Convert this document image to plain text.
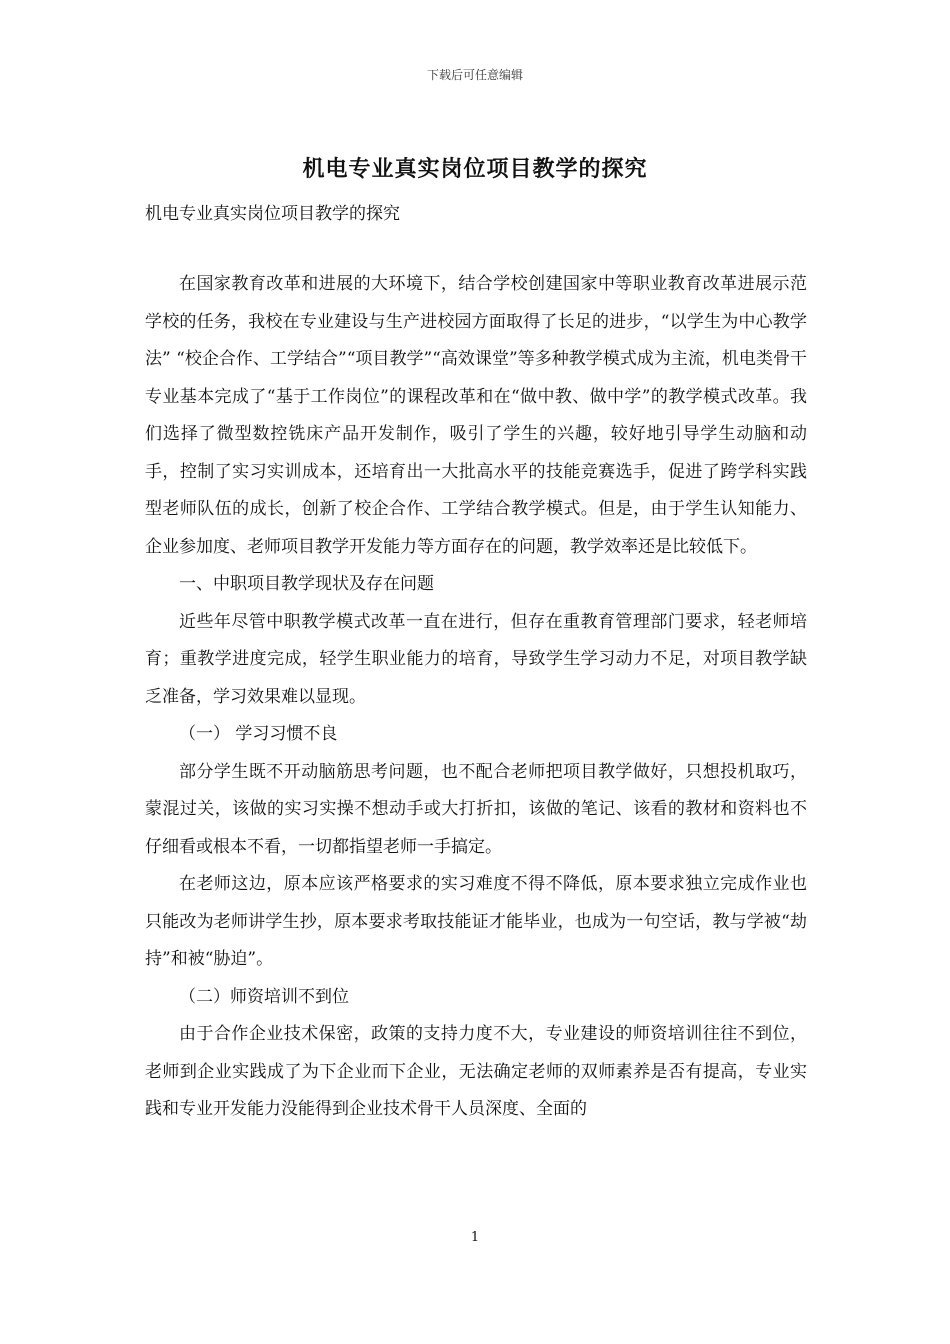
下载后可任意编辑
机电专业真实岗位项目教学的探究
机电专业真实岗位项目教学的探究

在国家教育改革和进展的大环境下，结合学校创建国家中等职业教育改革进展示范学校的任务，我校在专业建设与生产进校园方面取得了长足的进步，“以学生为中心教学法” “校企合作、工学结合”“项目教学”“高效课堂”等多种教学模式成为主流，机电类骨干专业基本完成了“基于工作岗位”的课程改革和在“做中教、做中学”的教学模式改革。我们选择了微型数控铣床产品开发制作，吸引了学生的兴趣，较好地引导学生动脑和动手，控制了实习实训成本，还培育出一大批高水平的技能竞赛选手，促进了跨学科实践型老师队伍的成长，创新了校企合作、工学结合教学模式。但是，由于学生认知能力、企业参加度、老师项目教学开发能力等方面存在的问题，教学效率还是比较低下。

一、中职项目教学现状及存在问题

近些年尽管中职教学模式改革一直在进行，但存在重教育管理部门要求，轻老师培育；重教学进度完成，轻学生职业能力的培育，导致学生学习动力不足，对项目教学缺乏准备，学习效果难以显现。

（一） 学习习惯不良

部分学生既不开动脑筋思考问题，也不配合老师把项目教学做好，只想投机取巧，蒙混过关，该做的实习实操不想动手或大打折扣，该做的笔记、该看的教材和资料也不仔细看或根本不看，一切都指望老师一手搞定。

在老师这边，原本应该严格要求的实习难度不得不降低，原本要求独立完成作业也只能改为老师讲学生抄，原本要求考取技能证才能毕业，也成为一句空话，教与学被“劫持”和被“胁迫”。

（二）师资培训不到位

由于合作企业技术保密，政策的支持力度不大，专业建设的师资培训往往不到位，老师到企业实践成了为下企业而下企业，无法确定老师的双师素养是否有提高，专业实践和专业开发能力没能得到企业技术骨干人员深度、全面的

1
